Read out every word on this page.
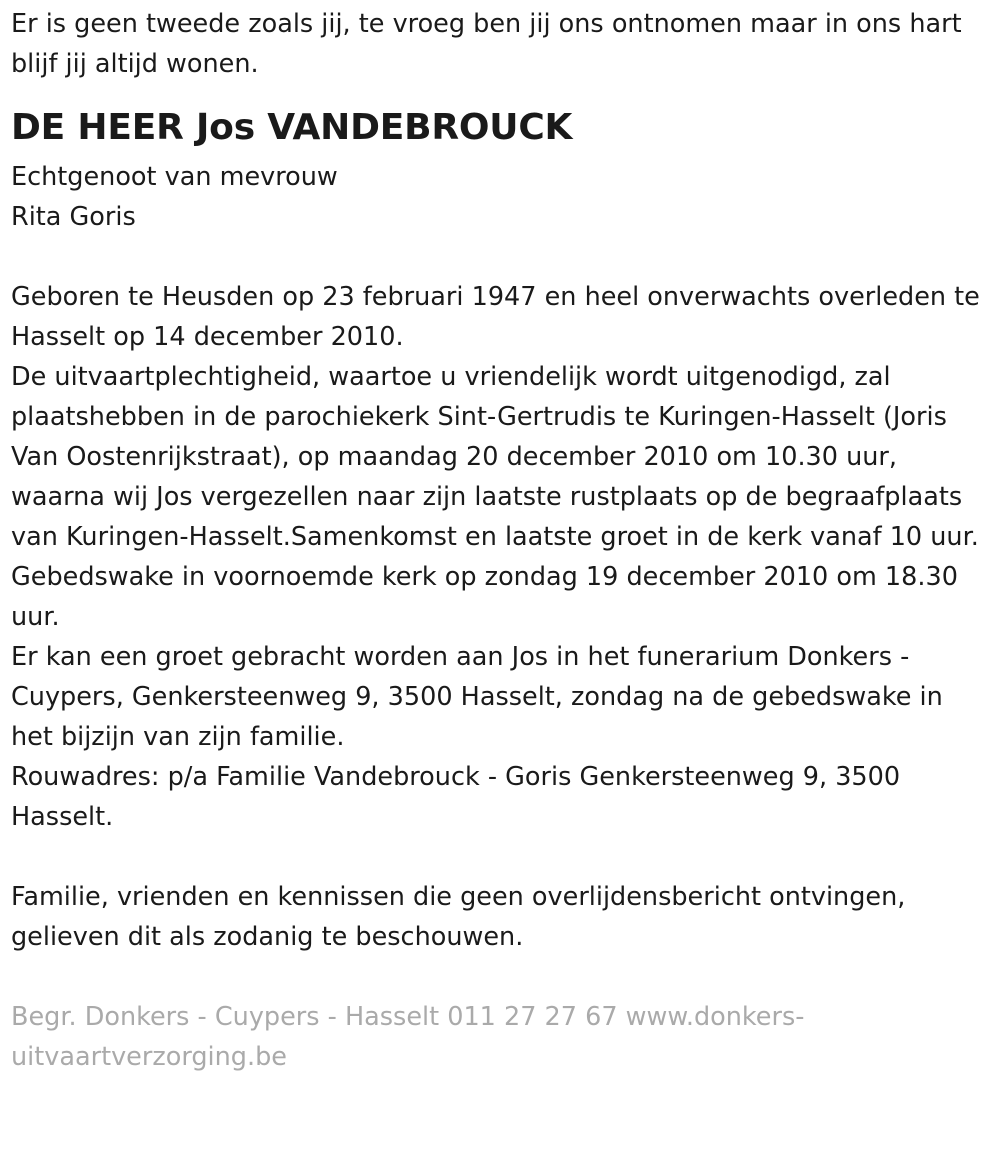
Er is geen tweede zoals jij, te vroeg ben jij ons ontnomen maar in ons hart blijf jij altijd wonen.

DE HEER Jos VANDEBROUCK

Echtgenoot van mevrouw
Rita Goris

Geboren te Heusden op 23 februari 1947 en heel onverwachts overleden te Hasselt op 14 december 2010.

De uitvaartplechtigheid, waartoe u vriendelijk wordt uitgenodigd, zal plaatshebben in de parochiekerk Sint-Gertrudis te Kuringen-Hasselt (Joris Van Oostenrijkstraat), op maandag 20 december 2010 om 10.30 uur, waarna wij Jos vergezellen naar zijn laatste rustplaats op de begraafplaats van Kuringen-Hasselt.Samenkomst en laatste groet in de kerk vanaf 10 uur.

Gebedswake in voornoemde kerk op zondag 19 december 2010 om 18.30 uur.

Er kan een groet gebracht worden aan Jos in het funerarium Donkers - Cuypers, Genkersteenweg 9, 3500 Hasselt, zondag na de gebedswake in het bijzijn van zijn familie.

Rouwadres: p/a Familie Vandebrouck - Goris Genkersteenweg 9, 3500 Hasselt.

Familie, vrienden en kennissen die geen overlijdensbericht ontvingen, gelieven dit als zodanig te beschouwen.

Begr. Donkers - Cuypers - Hasselt 011 27 27 67 www.donkers-uitvaartverzorging.be
